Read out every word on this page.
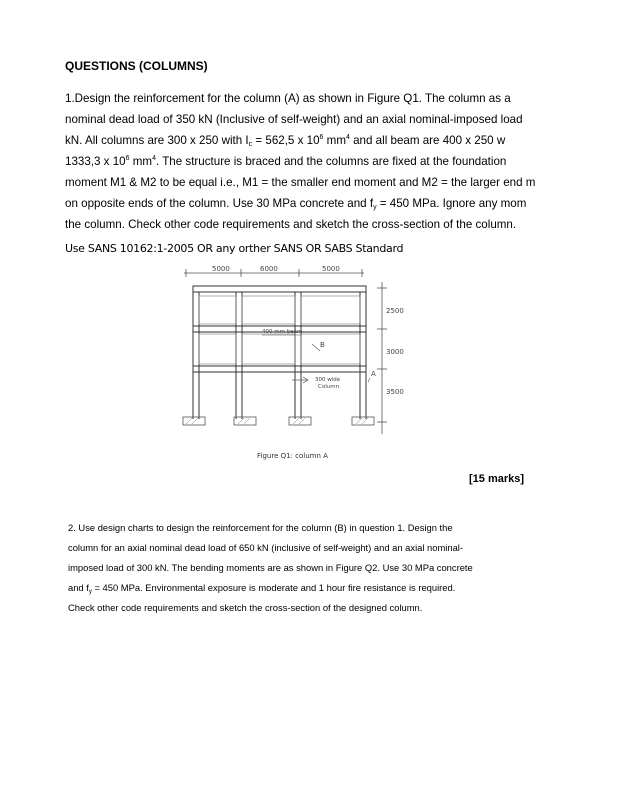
QUESTIONS (COLUMNS)
1.Design the reinforcement for the column (A) as shown in Figure Q1. The column as a
nominal dead load of 350 kN (Inclusive of self-weight) and an axial nominal-imposed load
kN. All columns are 300 x 250 with $I_c = 562,5$ x $10^6$ $mm^4$ and all beam are 400 x 250 w
1333,3 x $10^6$ $mm^4$. The structure is braced and the columns are fixed at the foundation
moment M1 & M2 to be equal i.e., M1 = the smaller end moment and M2 = the larger end m
on opposite ends of the column. Use 30 MPa concrete and $f_y = 450$ MPa. Ignore any mom
the column. Check other code requirements and sketch the cross-section of the column.
Use SANS 10162:1-2005 OR any orther SANS OR SABS Standard
5000	6000	5000
2500
3000
3500
400 mm beam
B
300 wide
Column
A
Figure Q1: column A
[15 marks]
2. Use design charts to design the reinforcement for the column (B) in question 1. Design the
column for an axial nominal dead load of 650 kN (inclusive of self-weight) and an axial nominal-
imposed load of 300 kN. The bending moments are as shown in Figure Q2. Use 30 MPa concrete
and $f_y = 450$ MPa. Environmental exposure is moderate and 1 hour fire resistance is required.
Check other code requirements and sketch the cross-section of the designed column.
